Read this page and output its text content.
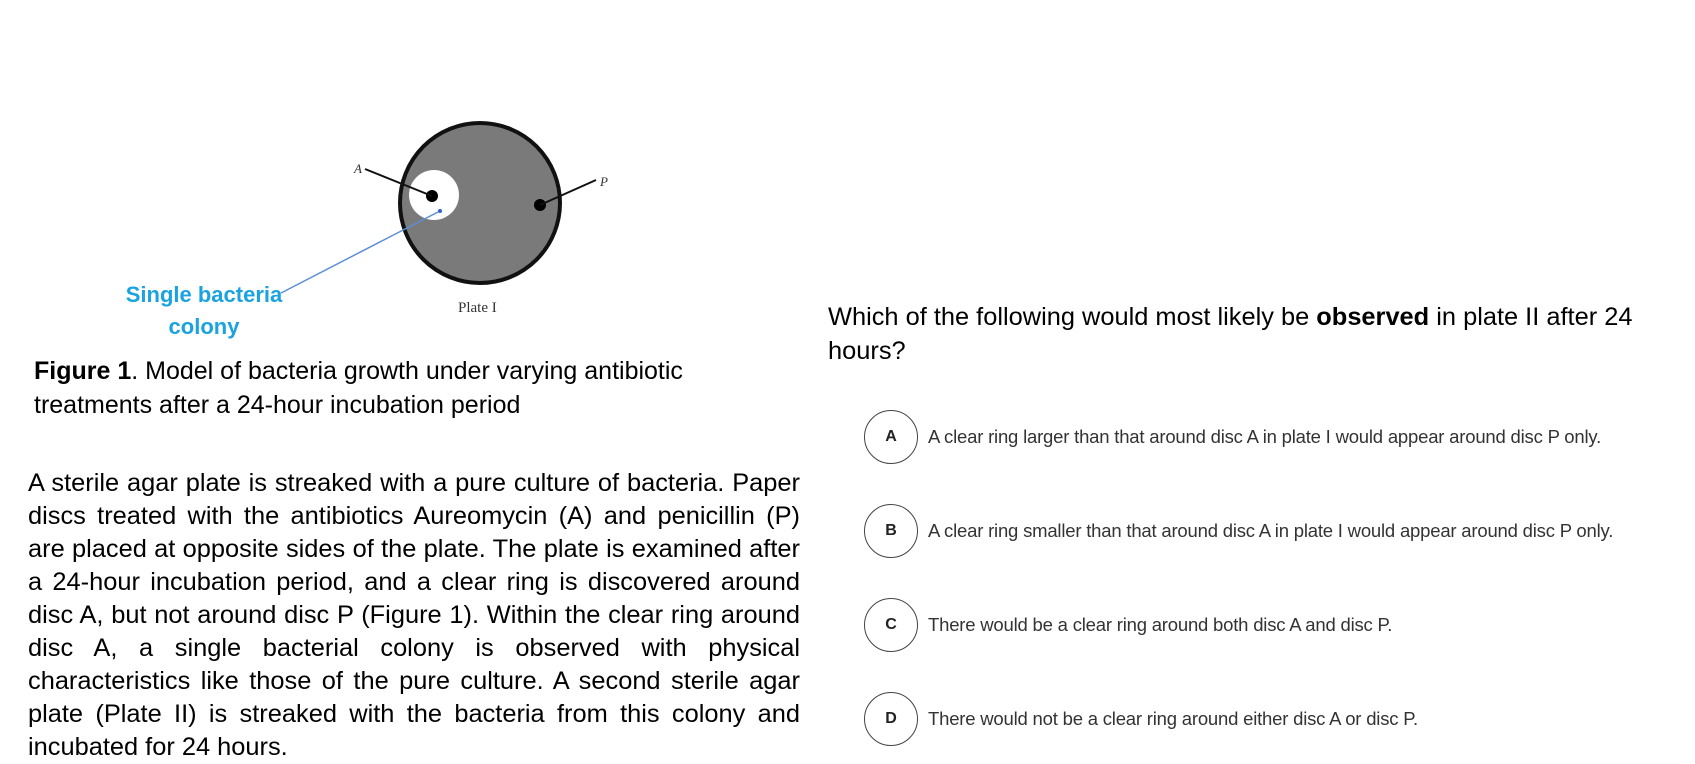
A
P
Single bacteria
colony
Plate I
Figure 1. Model of bacteria growth under varying antibiotic treatments after a 24-hour incubation period
A sterile agar plate is streaked with a pure culture of bacteria. Paper discs treated with the antibiotics Aureomycin (A) and penicillin (P) are placed at opposite sides of the plate. The plate is examined after a 24-hour incubation period, and a clear ring is discovered around disc A, but not around disc P (Figure 1). Within the clear ring around disc A, a single bacterial colony is observed with physical characteristics like those of the pure culture. A second sterile agar plate (Plate II) is streaked with the bacteria from this colony and incubated for 24 hours.
Which of the following would most likely be observed in plate II after 24 hours?
A	A clear ring larger than that around disc A in plate I would appear around disc P only.
B	A clear ring smaller than that around disc A in plate I would appear around disc P only.
C	There would be a clear ring around both disc A and disc P.
D	There would not be a clear ring around either disc A or disc P.
